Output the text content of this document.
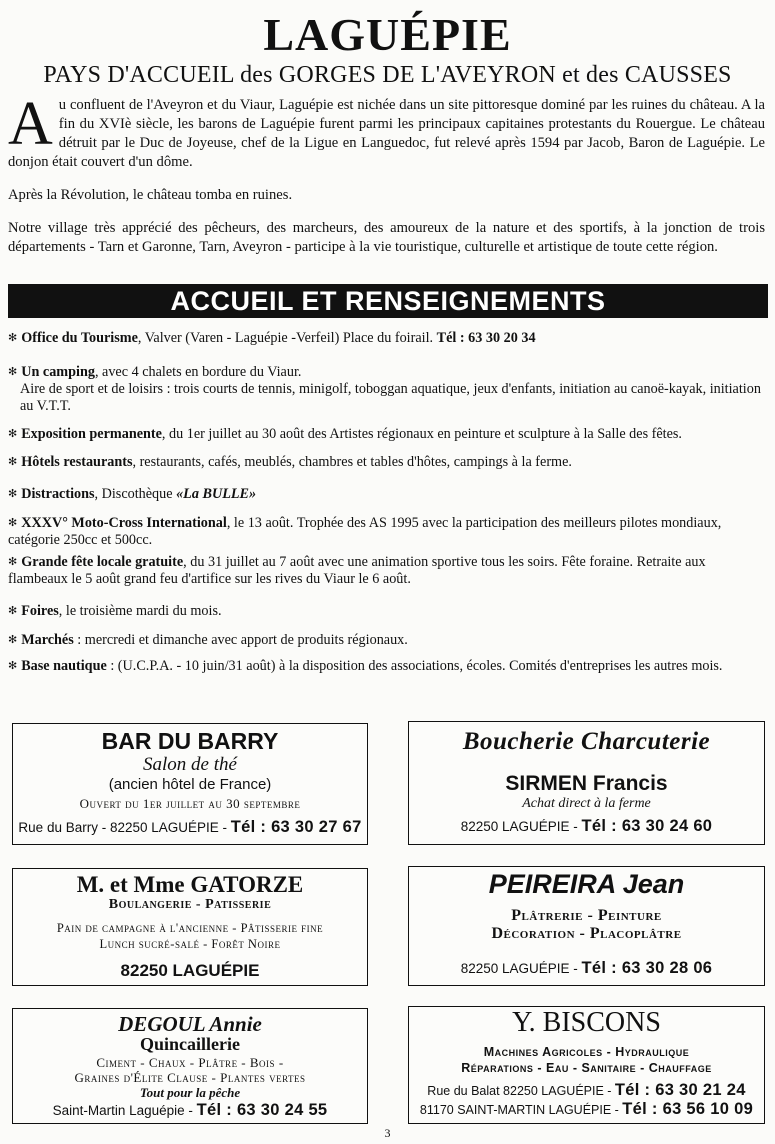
LAGUÉPIE
PAYS D'ACCUEIL des GORGES DE L'AVEYRON et des CAUSSES

Au confluent de l'Aveyron et du Viaur, Laguépie est nichée dans un site pittoresque dominé par les ruines du château. A la fin du XVIè siècle, les barons de Laguépie furent parmi les principaux capitaines protestants du Rouergue. Le château détruit par le Duc de Joyeuse, chef de la Ligue en Languedoc, fut relevé après 1594 par Jacob, Baron de Laguépie. Le donjon était couvert d'un dôme.

Après la Révolution, le château tomba en ruines.

Notre village très apprécié des pêcheurs, des marcheurs, des amoureux de la nature et des sportifs, à la jonction de trois départements - Tarn et Garonne, Tarn, Aveyron - participe à la vie touristique, culturelle et artistique de toute cette région.

ACCUEIL ET RENSEIGNEMENTS
✻ Office du Tourisme, Valver (Varen - Laguépie -Verfeil) Place du foirail. Tél : 63 30 20 34
✻ Un camping, avec 4 chalets en bordure du Viaur.
Aire de sport et de loisirs : trois courts de tennis, minigolf, toboggan aquatique, jeux d'enfants, initiation au canoë-kayak, initiation au V.T.T.
✻ Exposition permanente, du 1er juillet au 30 août des Artistes régionaux en peinture et sculpture à la Salle des fêtes.
✻ Hôtels restaurants, restaurants, cafés, meublés, chambres et tables d'hôtes, campings à la ferme.
✻ Distractions, Discothèque «La BULLE»
✻ XXXV° Moto-Cross International, le 13 août. Trophée des AS 1995 avec la participation des meilleurs pilotes mondiaux, catégorie 250cc et 500cc.
✻ Grande fête locale gratuite, du 31 juillet au 7 août avec une animation sportive tous les soirs. Fête foraine. Retraite aux flambeaux le 5 août grand feu d'artifice sur les rives du Viaur le 6 août.
✻ Foires, le troisième mardi du mois.
✻ Marchés : mercredi et dimanche avec apport de produits régionaux.
✻ Base nautique : (U.C.P.A. - 10 juin/31 août) à la disposition des associations, écoles. Comités d'entreprises les autres mois.
BAR DU BARRY
Salon de thé
(ancien hôtel de France)
Ouvert du 1er juillet au 30 septembre
Rue du Barry - 82250 LAGUÉPIE - Tél : 63 30 27 67
Boucherie Charcuterie
SIRMEN Francis
Achat direct à la ferme
82250 LAGUÉPIE - Tél : 63 30 24 60
M. et Mme GATORZE
Boulangerie - Patisserie
Pain de campagne à l'ancienne - Pâtisserie fine
Lunch sucré-salé - Forêt Noire
82250 LAGUÉPIE
PEIREIRA Jean
Plâtrerie - Peinture
Décoration - Placoplâtre
82250 LAGUÉPIE - Tél : 63 30 28 06
DEGOUL Annie
Quincaillerie
Ciment - Chaux - Plâtre - Bois -
Graines d'Élite Clause - Plantes vertes
Tout pour la pêche
Saint-Martin Laguépie - Tél : 63 30 24 55
Y. BISCONS
Machines Agricoles - Hydraulique
Réparations - Eau - Sanitaire - Chauffage
Rue du Balat 82250 LAGUÉPIE - Tél : 63 30 21 24
81170 SAINT-MARTIN LAGUÉPIE - Tél : 63 56 10 09
3
